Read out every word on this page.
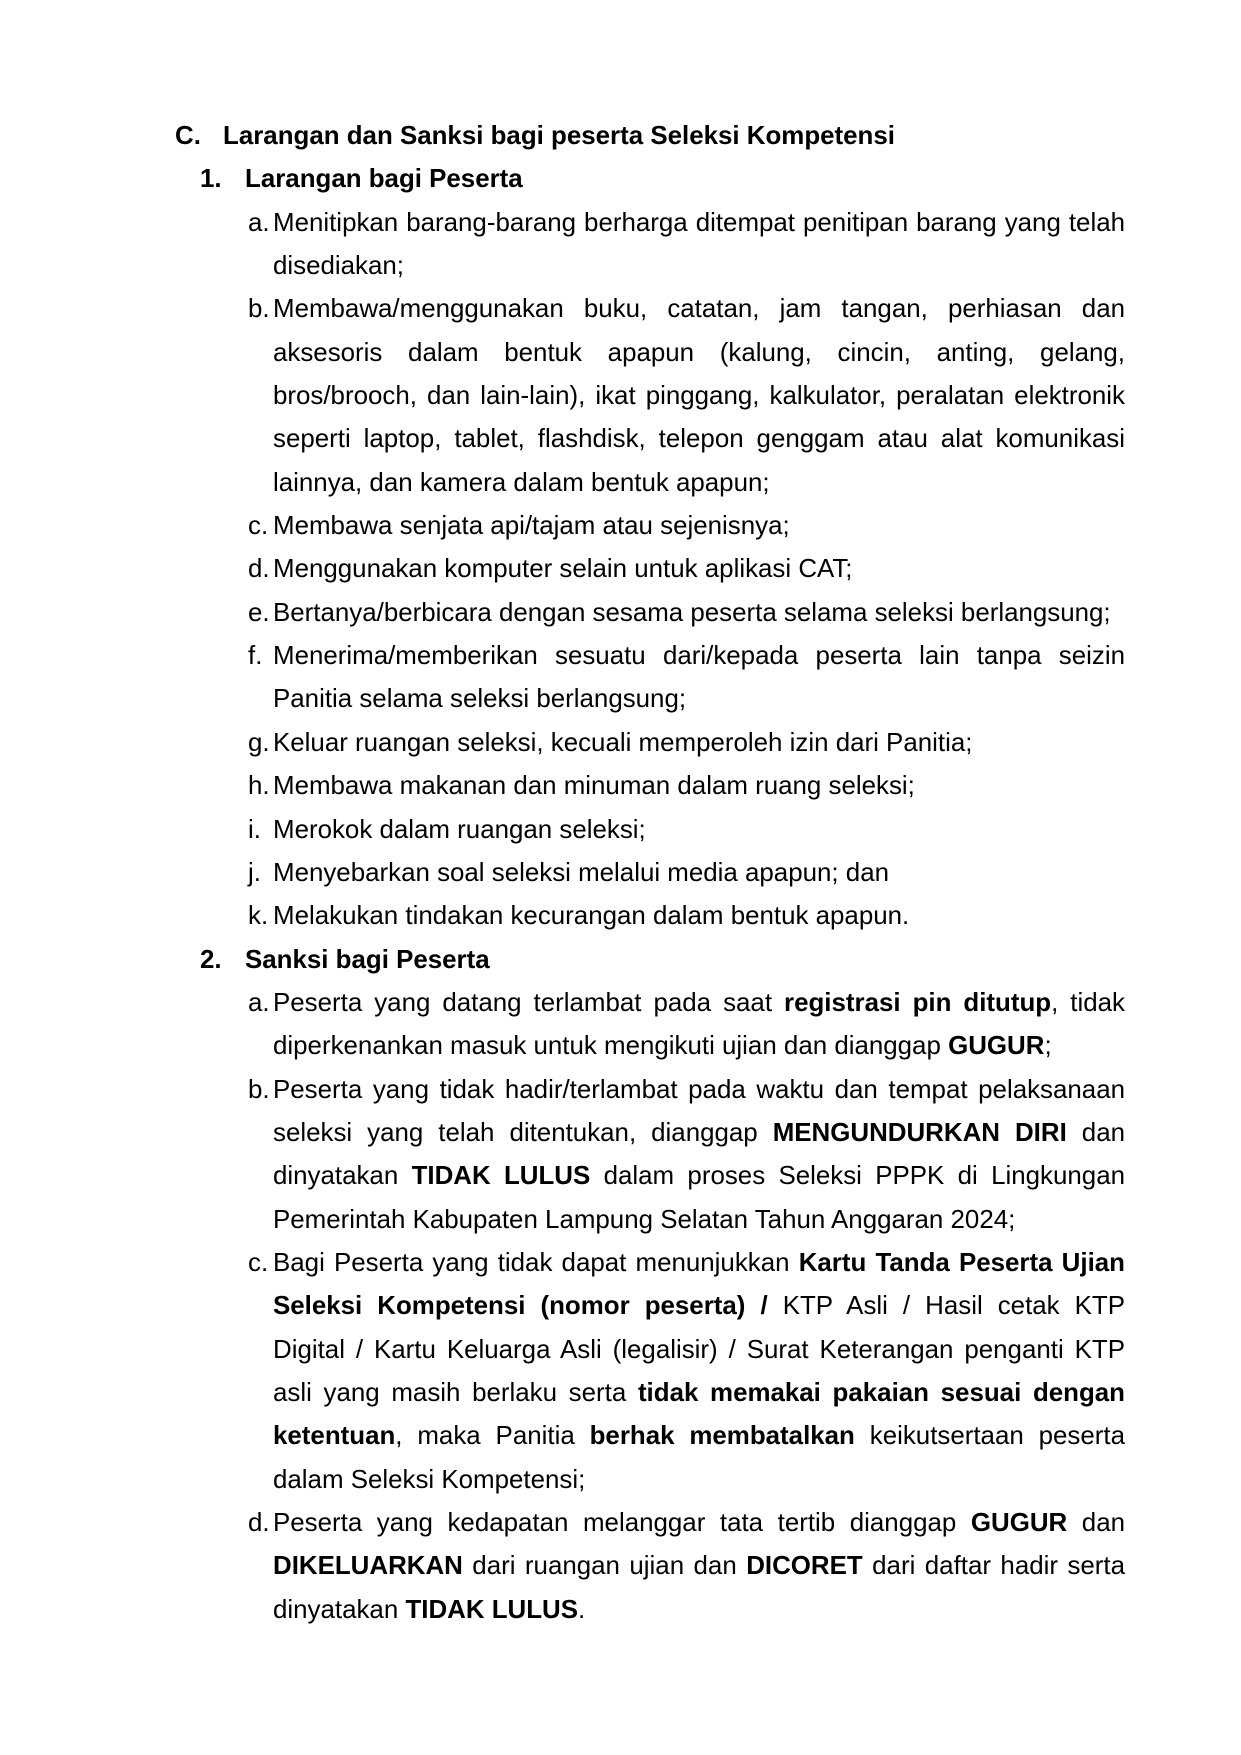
C. Larangan dan Sanksi bagi peserta Seleksi Kompetensi
1. Larangan bagi Peserta
a. Menitipkan barang-barang berharga ditempat penitipan barang yang telah disediakan;
b. Membawa/menggunakan buku, catatan, jam tangan, perhiasan dan aksesoris dalam bentuk apapun (kalung, cincin, anting, gelang, bros/brooch, dan lain-lain), ikat pinggang, kalkulator, peralatan elektronik seperti laptop, tablet, flashdisk, telepon genggam atau alat komunikasi lainnya, dan kamera dalam bentuk apapun;
c. Membawa senjata api/tajam atau sejenisnya;
d. Menggunakan komputer selain untuk aplikasi CAT;
e. Bertanya/berbicara dengan sesama peserta selama seleksi berlangsung;
f. Menerima/memberikan sesuatu dari/kepada peserta lain tanpa seizin Panitia selama seleksi berlangsung;
g. Keluar ruangan seleksi, kecuali memperoleh izin dari Panitia;
h. Membawa makanan dan minuman dalam ruang seleksi;
i. Merokok dalam ruangan seleksi;
j. Menyebarkan soal seleksi melalui media apapun; dan
k. Melakukan tindakan kecurangan dalam bentuk apapun.
2. Sanksi bagi Peserta
a. Peserta yang datang terlambat pada saat registrasi pin ditutup, tidak diperkenankan masuk untuk mengikuti ujian dan dianggap GUGUR;
b. Peserta yang tidak hadir/terlambat pada waktu dan tempat pelaksanaan seleksi yang telah ditentukan, dianggap MENGUNDURKAN DIRI dan dinyatakan TIDAK LULUS dalam proses Seleksi PPPK di Lingkungan Pemerintah Kabupaten Lampung Selatan Tahun Anggaran 2024;
c. Bagi Peserta yang tidak dapat menunjukkan Kartu Tanda Peserta Ujian Seleksi Kompetensi (nomor peserta) / KTP Asli / Hasil cetak KTP Digital / Kartu Keluarga Asli (legalisir) / Surat Keterangan penganti KTP asli yang masih berlaku serta tidak memakai pakaian sesuai dengan ketentuan, maka Panitia berhak membatalkan keikutsertaan peserta dalam Seleksi Kompetensi;
d. Peserta yang kedapatan melanggar tata tertib dianggap GUGUR dan DIKELUARKAN dari ruangan ujian dan DICORET dari daftar hadir serta dinyatakan TIDAK LULUS.
